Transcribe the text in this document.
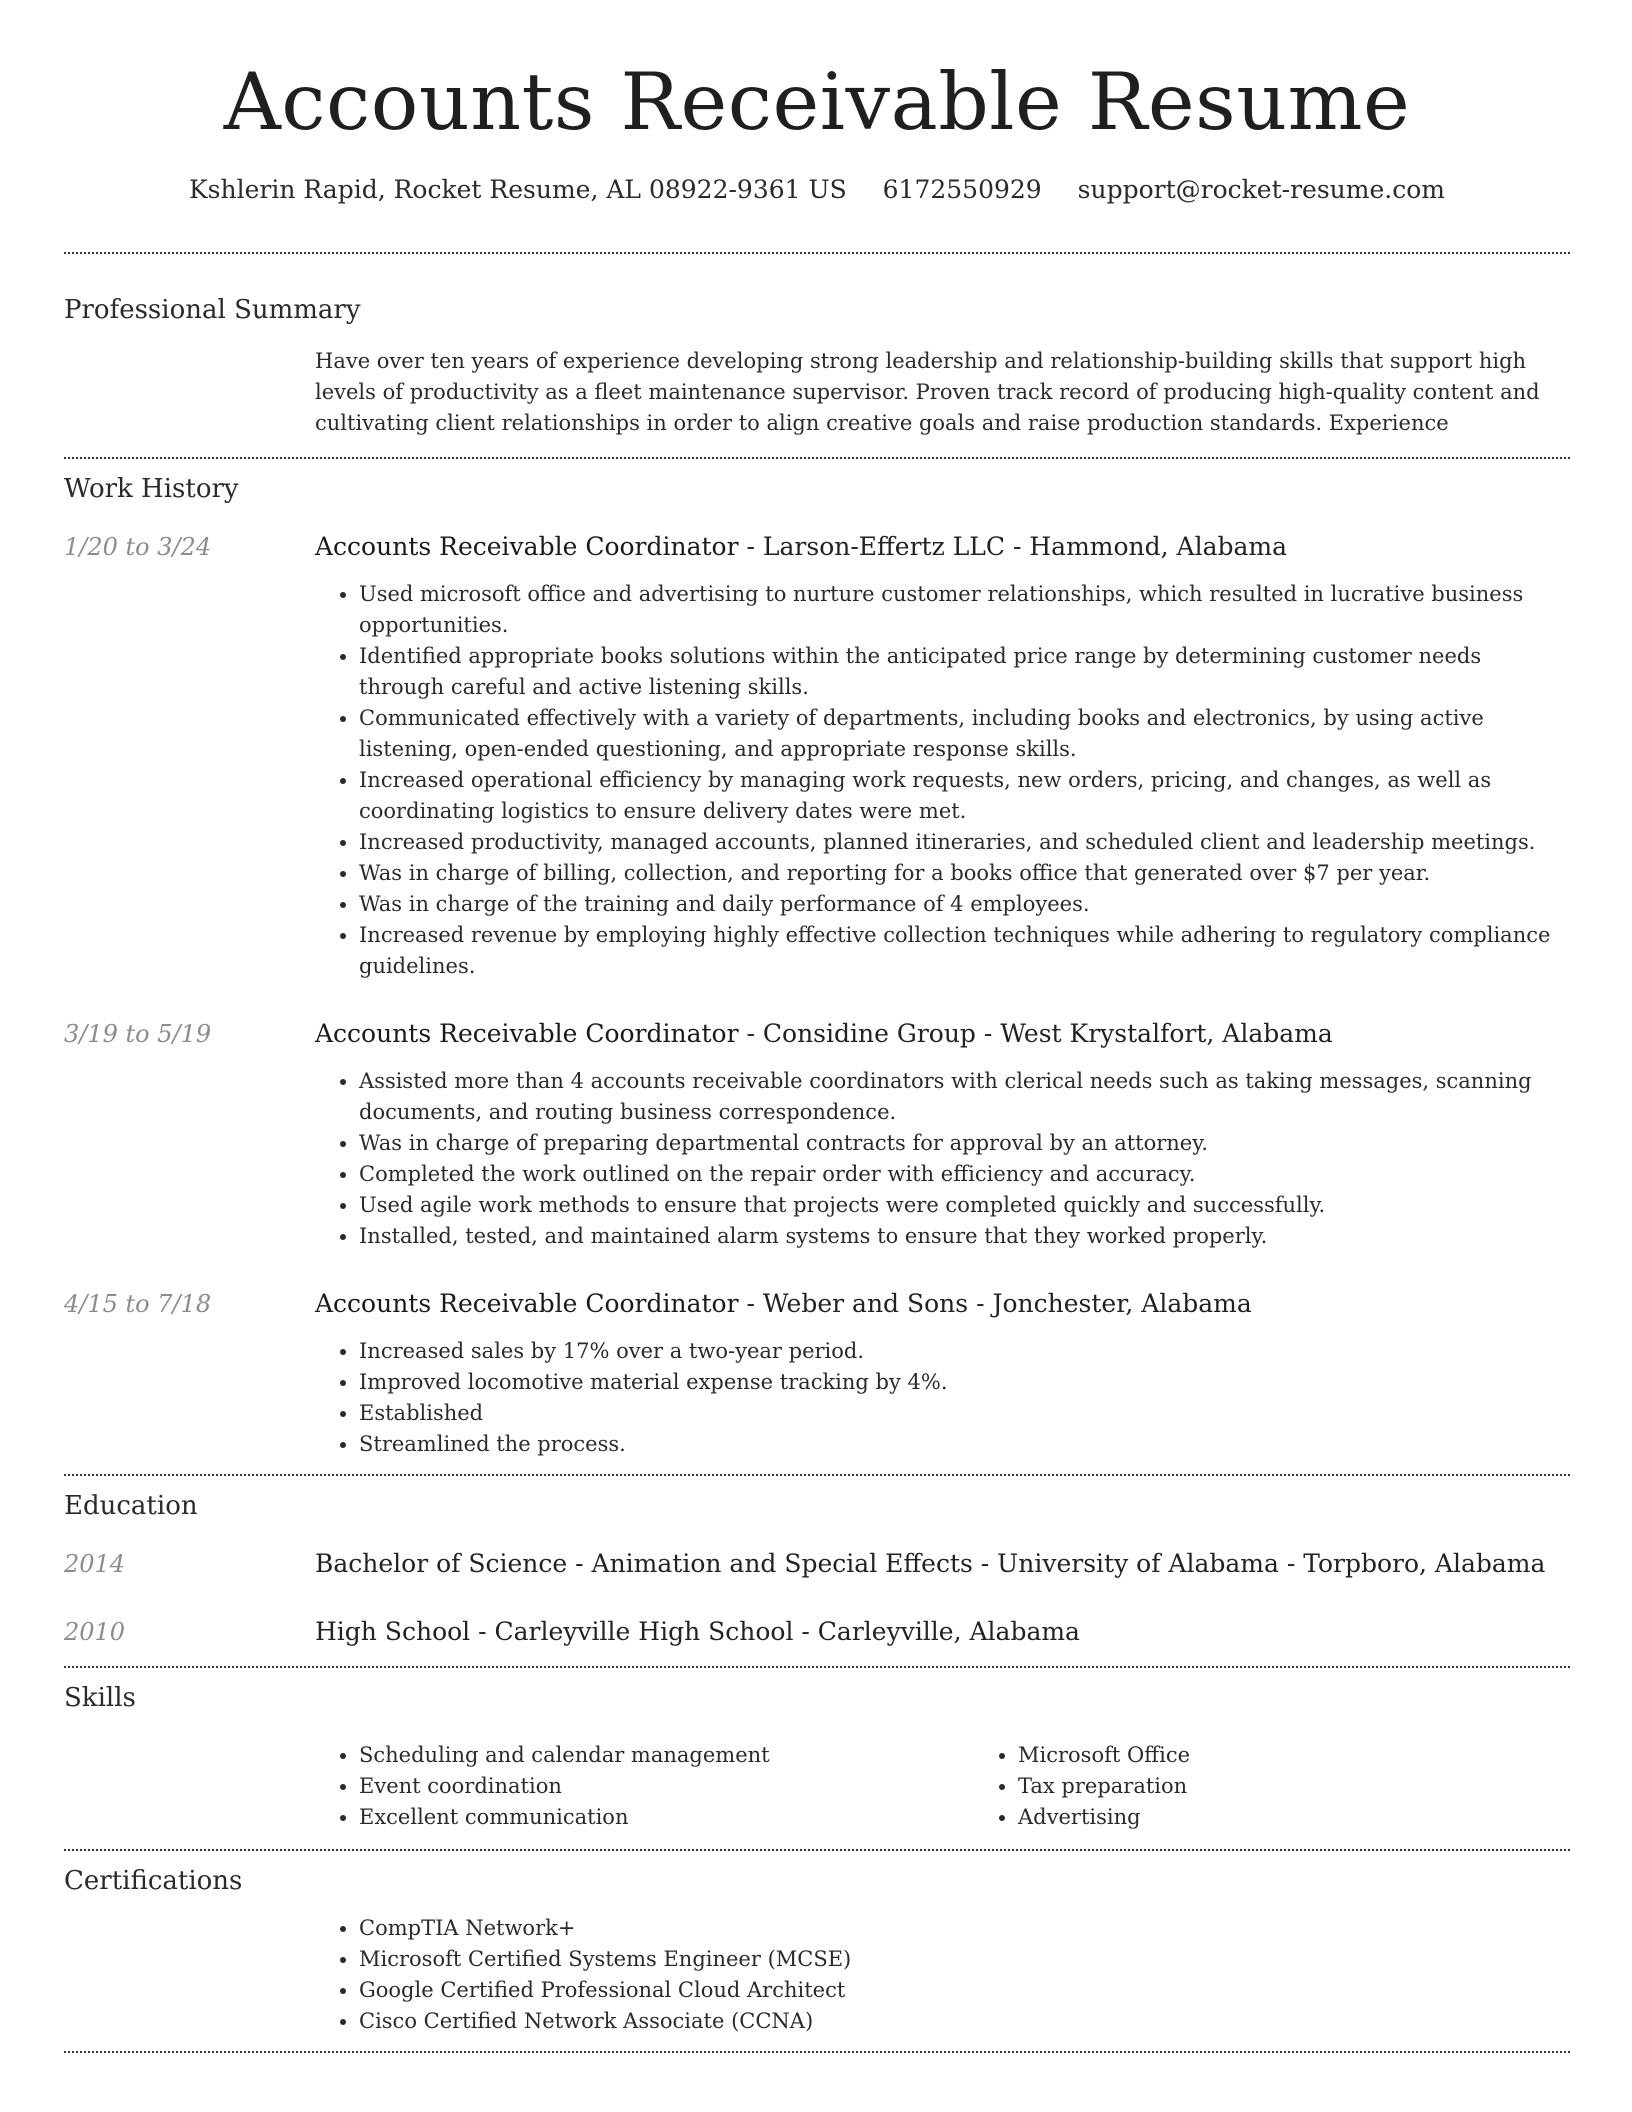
Accounts Receivable Resume
Kshlerin Rapid, Rocket Resume, AL 08922-9361 US 6172550929 support@rocket-resume.com
Professional Summary
Have over ten years of experience developing strong leadership and relationship-building skills that support high levels of productivity as a fleet maintenance supervisor. Proven track record of producing high-quality content and cultivating client relationships in order to align creative goals and raise production standards. Experience
Work History
1/20 to 3/24	Accounts Receivable Coordinator - Larson-Effertz LLC - Hammond, Alabama
• Used microsoft office and advertising to nurture customer relationships, which resulted in lucrative business opportunities.
• Identified appropriate books solutions within the anticipated price range by determining customer needs through careful and active listening skills.
• Communicated effectively with a variety of departments, including books and electronics, by using active listening, open-ended questioning, and appropriate response skills.
• Increased operational efficiency by managing work requests, new orders, pricing, and changes, as well as coordinating logistics to ensure delivery dates were met.
• Increased productivity, managed accounts, planned itineraries, and scheduled client and leadership meetings.
• Was in charge of billing, collection, and reporting for a books office that generated over $7 per year.
• Was in charge of the training and daily performance of 4 employees.
• Increased revenue by employing highly effective collection techniques while adhering to regulatory compliance guidelines.
3/19 to 5/19	Accounts Receivable Coordinator - Considine Group - West Krystalfort, Alabama
• Assisted more than 4 accounts receivable coordinators with clerical needs such as taking messages, scanning documents, and routing business correspondence.
• Was in charge of preparing departmental contracts for approval by an attorney.
• Completed the work outlined on the repair order with efficiency and accuracy.
• Used agile work methods to ensure that projects were completed quickly and successfully.
• Installed, tested, and maintained alarm systems to ensure that they worked properly.
4/15 to 7/18	Accounts Receivable Coordinator - Weber and Sons - Jonchester, Alabama
• Increased sales by 17% over a two-year period.
• Improved locomotive material expense tracking by 4%.
• Established
• Streamlined the process.
Education
2014	Bachelor of Science - Animation and Special Effects - University of Alabama - Torpboro, Alabama
2010	High School - Carleyville High School - Carleyville, Alabama
Skills
• Scheduling and calendar management
• Event coordination
• Excellent communication
• Microsoft Office
• Tax preparation
• Advertising
Certifications
• CompTIA Network+
• Microsoft Certified Systems Engineer (MCSE)
• Google Certified Professional Cloud Architect
• Cisco Certified Network Associate (CCNA)
